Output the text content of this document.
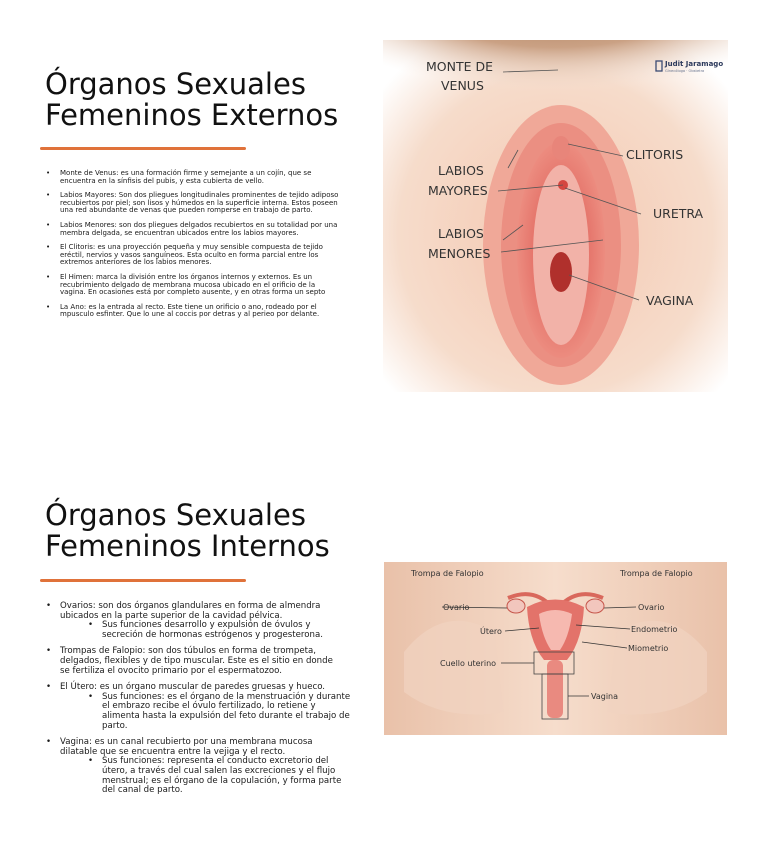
Órganos Sexuales
Femeninos Externos
• Monte de Venus: es una formación firme y semejante a un cojín, que se encuentra en la sínfisis del pubis, y esta cubierta de vello.
• Labios Mayores: Son dos pliegues longitudinales prominentes de tejido adiposo recubiertos por piel; son lisos y húmedos en la superficie interna. Estos poseen una red abundante de venas que pueden romperse en trabajo de parto.
• Labios Menores: son dos pliegues delgados recubiertos en su totalidad por una membra delgada, se encuentran ubicados entre los labios mayores.
• El Clitoris: es una proyección pequeña y muy sensible compuesta de tejido eréctil, nervios y vasos sanguíneos. Esta oculto en forma parcial entre los extremos anteriores de los labios menores.
• El Himen: marca la división entre los órganos internos y externos. Es un recubrimiento delgado de membrana mucosa ubicado en el orificio de la vagina. En ocasiones está por completo ausente, y en otras forma un septo
• La Ano: es la entrada al recto. Este tiene un orificio o ano, rodeado por el mpusculo esfinter. Que lo une al coccis por detras y al perieo por delante.
MONTE DE
VENUS
LABIOS
MAYORES
LABIOS
MENORES
CLITORIS
URETRA
VAGINA
Judit Jaramago
Ginecóloga · Obstetra
Órganos Sexuales
Femeninos Internos
• Ovarios: son dos órganos glandulares en forma de almendra ubicados en la parte superior de la cavidad pélvica.
• Sus funciones desarrollo y expulsión de óvulos y secreción de hormonas estrógenos y progesterona.
• Trompas de Falopio: son dos túbulos en forma de trompeta, delgados, flexibles y de tipo muscular. Este es el sitio en donde se fertiliza el ovocito primario por el espermatozoo.
• El Útero: es un órgano muscular de paredes gruesas y hueco.
• Sus funciones: es el órgano de la menstruación y durante el embrazo recibe el óvulo fertilizado, lo retiene y alimenta hasta la expulsión del feto durante el trabajo de parto.
• Vagina: es un canal recubierto por una membrana mucosa dilatable que se encuentra entre la vejiga y el recto.
• Sus funciones: representa el conducto excretorio del útero, a través del cual salen las excreciones y el flujo menstrual; es el órgano de la copulación, y forma parte del canal de parto.
Trompa de Falopio	Trompa de Falopio
Ovario	Ovario
Útero	Endometrio
Miometrio
Cuello uterino
Vagina
